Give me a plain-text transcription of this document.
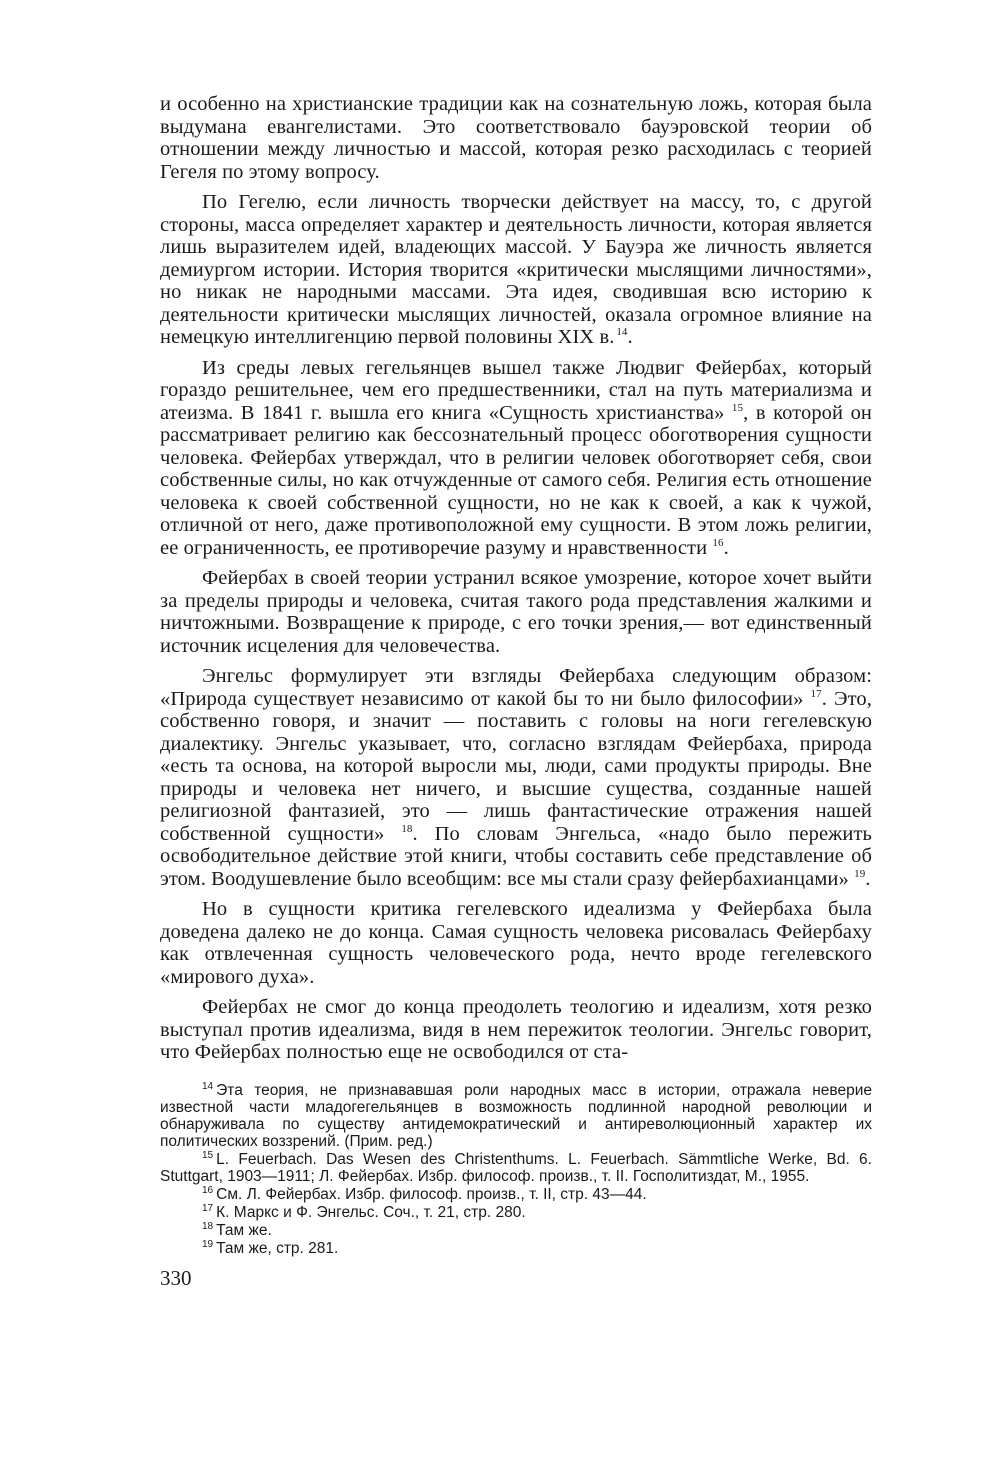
и особенно на христианские традиции как на сознательную ложь, которая была выдумана евангелистами. Это соответствовало бауэровской теории об отношении между личностью и массой, которая резко расходилась с теорией Гегеля по этому вопросу.

По Гегелю, если личность творчески действует на массу, то, с другой стороны, масса определяет характер и деятельность личности, которая является лишь выразителем идей, владеющих массой. У Бауэра же личность является демиургом истории. История творится «критически мыслящими личностями», но никак не народными массами. Эта идея, сводившая всю историю к деятельности критически мыслящих личностей, оказала огромное влияние на немецкую интеллигенцию первой половины XIX в.  $^{14}$.

Из среды левых гегельянцев вышел также Людвиг Фейербах, который гораздо решительнее, чем его предшественники, стал на путь материализма и атеизма. В 1841 г. вышла его книга «Сущность христианства» $^{15}$, в которой он рассматривает религию как бессознательный процесс обоготворения сущности человека. Фейербах утверждал, что в религии человек обоготворяет себя, свои собственные силы, но как отчужденные от самого себя. Религия есть отношение человека к своей собственной сущности, но не как к своей, а как к чужой, отличной от него, даже противоположной ему сущности. В этом ложь религии, ее ограниченность, ее противоречие разуму и нравственности $^{16}$.

Фейербах в своей теории устранил всякое умозрение, которое хочет выйти за пределы природы и человека, считая такого рода представления жалкими и ничтожными. Возвращение к природе, с его точки зрения,— вот единственный источник исцеления для человечества.

Энгельс формулирует эти взгляды Фейербаха следующим образом: «Природа существует независимо от какой бы то ни было философии» $^{17}$. Это, собственно говоря, и значит — поставить с головы на ноги гегелевскую диалектику. Энгельс указывает, что, согласно взглядам Фейербаха, природа «есть та основа, на которой выросли мы, люди, сами продукты природы. Вне природы и человека нет ничего, и высшие существа, созданные нашей религиозной фантазией, это — лишь фантастические отражения нашей собственной сущности» $^{18}$. По словам Энгельса, «надо было пережить освободительное действие этой книги, чтобы составить себе представление об этом. Воодушевление было всеобщим: все мы стали сразу фейербахианцами» $^{19}$.

Но в сущности критика гегелевского идеализма у Фейербаха была доведена далеко не до конца. Самая сущность человека рисовалась Фейербаху как отвлеченная сущность человеческого рода, нечто вроде гегелевского «мирового духа».

Фейербах не смог до конца преодолеть теологию и идеализм, хотя резко выступал против идеализма, видя в нем пережиток теологии. Энгельс говорит, что Фейербах полностью еще не освободился от ста-

$^{14}$ Эта теория, не признававшая роли народных масс в истории, отражала неверие известной части младогегельянцев в возможность подлинной народной революции и обнаруживала по существу антидемократический и антиреволюционный характер их политических воззрений. (Прим. ред.)

$^{15}$ L. Feuerbach. Das Wesen des Christenthums. L. Feuerbach. Sämmtliche Werke, Bd. 6. Stuttgart, 1903—1911; Л. Фейербах. Избр. философ. произв., т. II. Госполитиздат, М., 1955.

$^{16}$ См. Л. Фейербах. Избр. философ. произв., т. II, стр. 43—44.

$^{17}$ К. Маркс и Ф. Энгельс. Соч., т. 21, стр. 280.

$^{18}$ Там же.

$^{19}$ Там же, стр. 281.

330
